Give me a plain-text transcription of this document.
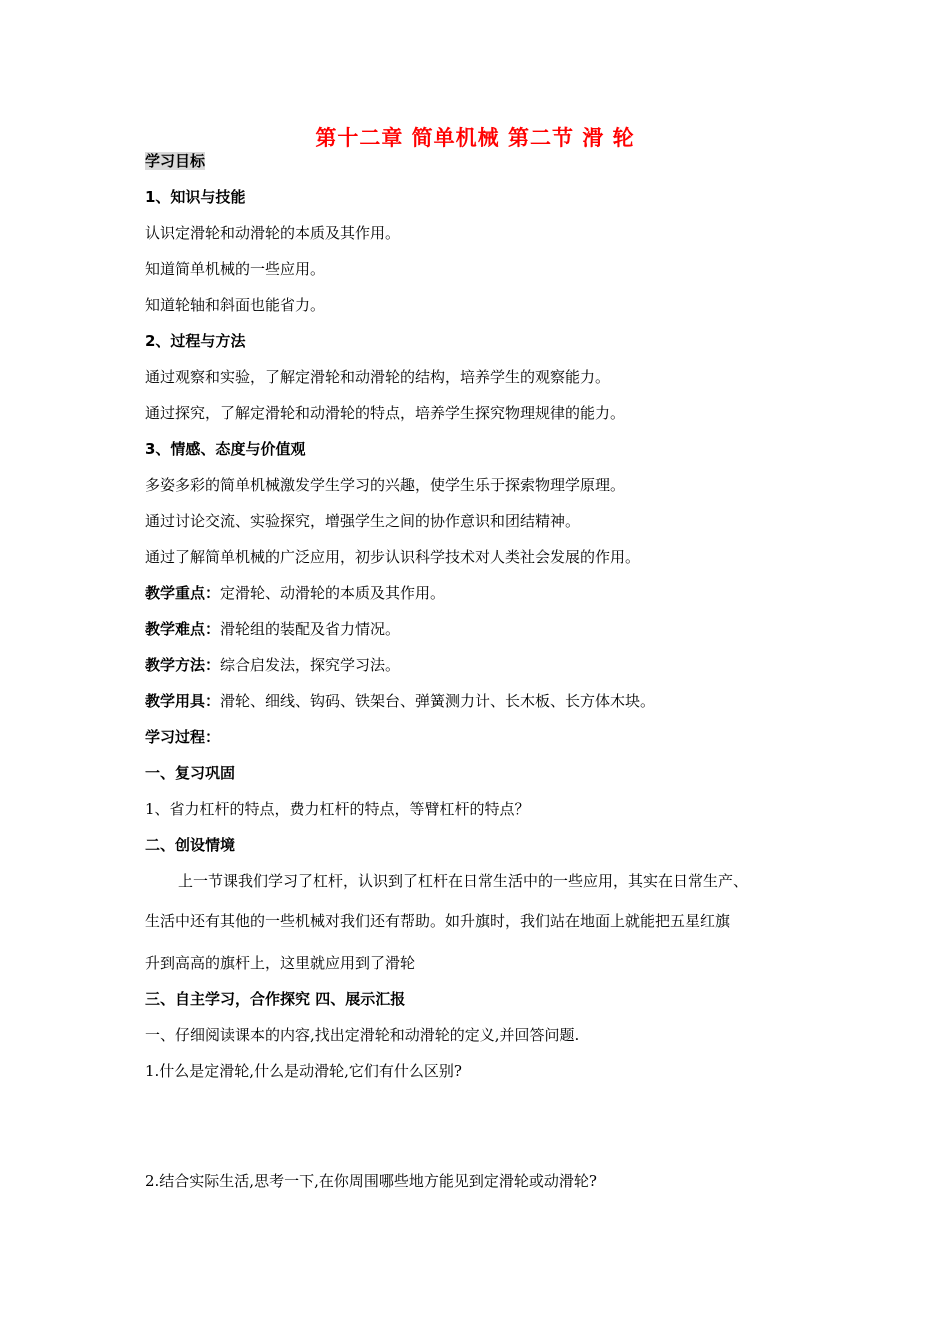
第十二章 简单机械 第二节 滑 轮
学习目标
1、知识与技能
认识定滑轮和动滑轮的本质及其作用。
知道简单机械的一些应用。
知道轮轴和斜面也能省力。
2、过程与方法
通过观察和实验，了解定滑轮和动滑轮的结构，培养学生的观察能力。
通过探究，了解定滑轮和动滑轮的特点，培养学生探究物理规律的能力。
3、情感、态度与价值观
多姿多彩的简单机械激发学生学习的兴趣，使学生乐于探索物理学原理。
通过讨论交流、实验探究，增强学生之间的协作意识和团结精神。
通过了解简单机械的广泛应用，初步认识科学技术对人类社会发展的作用。
教学重点：定滑轮、动滑轮的本质及其作用。
教学难点：滑轮组的装配及省力情况。
教学方法：综合启发法，探究学习法。
教学用具：滑轮、细线、钩码、铁架台、弹簧测力计、长木板、长方体木块。
学习过程：
一、复习巩固
1、省力杠杆的特点，费力杠杆的特点，等臂杠杆的特点？
二、创设情境
上一节课我们学习了杠杆，认识到了杠杆在日常生活中的一些应用，其实在日常生产、
生活中还有其他的一些机械对我们还有帮助。如升旗时，我们站在地面上就能把五星红旗
升到高高的旗杆上，这里就应用到了滑轮
三、自主学习，合作探究 四、展示汇报
一、仔细阅读课本的内容,找出定滑轮和动滑轮的定义,并回答问题.
1.什么是定滑轮,什么是动滑轮,它们有什么区别?
2.结合实际生活,思考一下,在你周围哪些地方能见到定滑轮或动滑轮?
